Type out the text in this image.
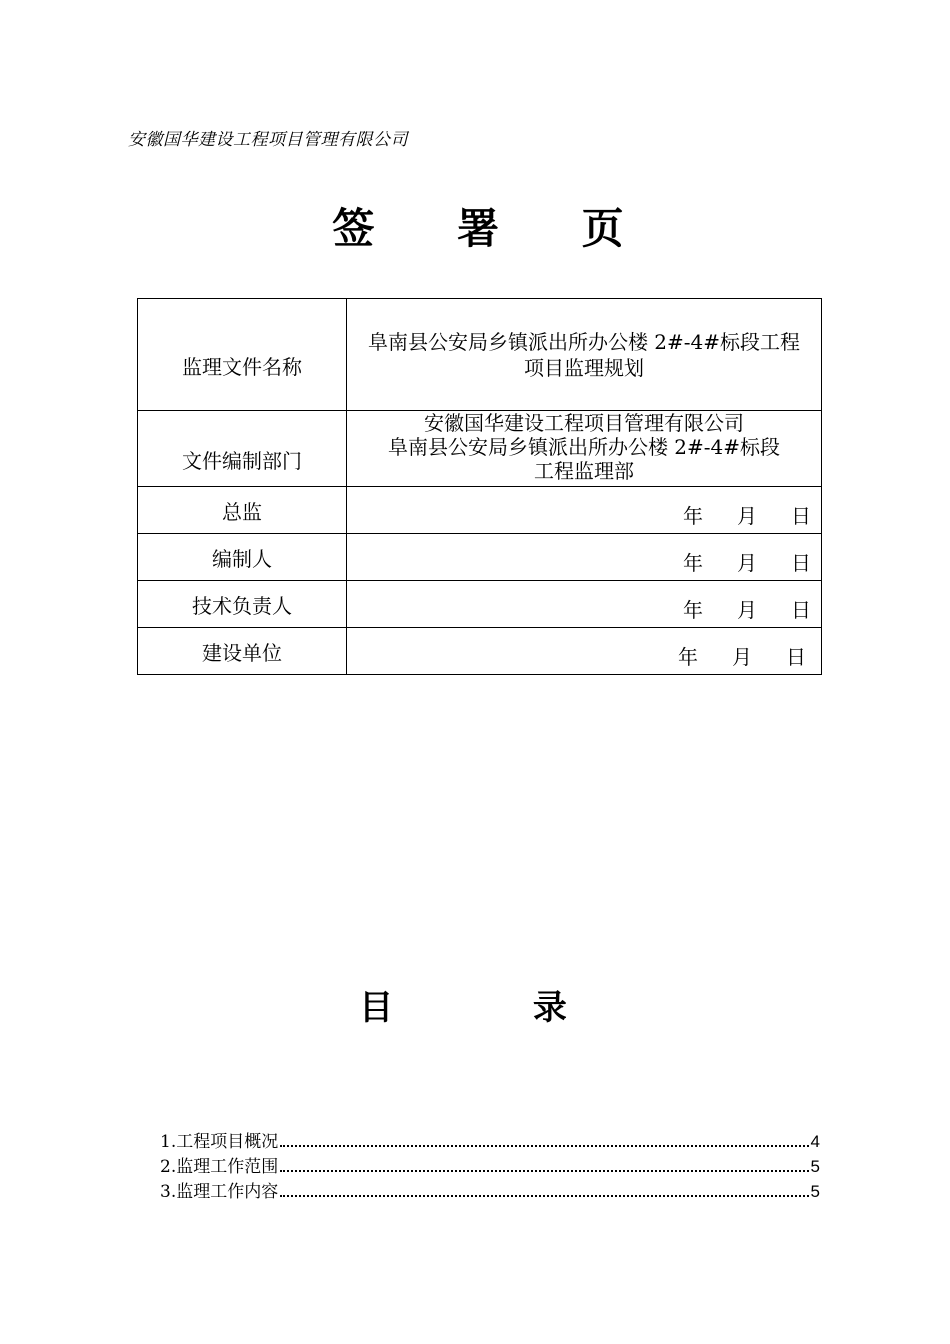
安徽国华建设工程项目管理有限公司
签 署 页
监理文件名称	阜南县公安局乡镇派出所办公楼 2#-4#标段工程项目监理规划
文件编制部门	安徽国华建设工程项目管理有限公司
阜南县公安局乡镇派出所办公楼 2#-4#标段
工程监理部

总监	年 月 日
编制人	年 月 日
技术负责人	年 月 日
建设单位	年 月 日
目 录
1.工程项目概况	4
2.监理工作范围	5
3.监理工作内容	5
